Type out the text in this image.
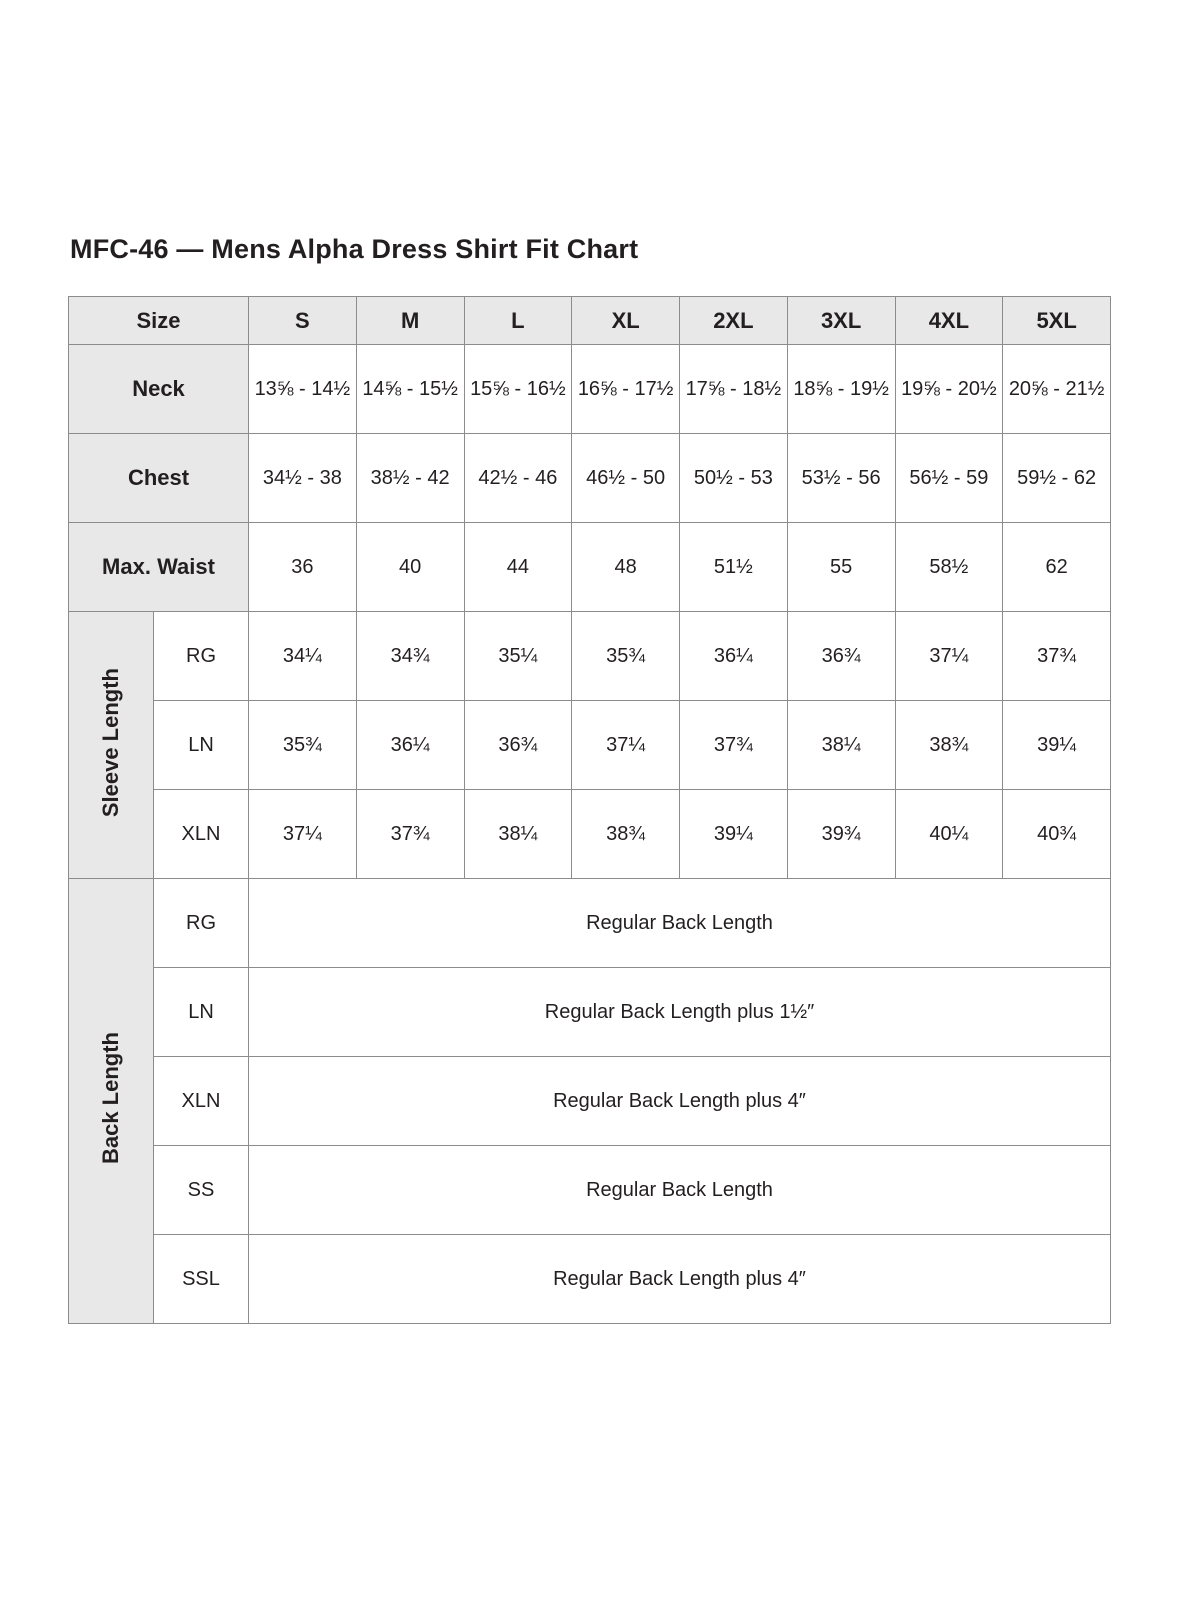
MFC-46 — Mens Alpha Dress Shirt Fit Chart
Size		S	M	L	XL	2XL	3XL	4XL	5XL
Neck		13⅝ - 14½	14⅝ - 15½	15⅝ - 16½	16⅝ - 17½	17⅝ - 18½	18⅝ - 19½	19⅝ - 20½	20⅝ - 21½
Chest		34½ - 38	38½ - 42	42½ - 46	46½ - 50	50½ - 53	53½ - 56	56½ - 59	59½ - 62
Max. Waist		36	40	44	48	51½	55	58½	62
Sleeve Length	RG	34¼	34¾	35¼	35¾	36¼	36¾	37¼	37¾
	LN	35¾	36¼	36¾	37¼	37¾	38¼	38¾	39¼
	XLN	37¼	37¾	38¼	38¾	39¼	39¾	40¼	40¾
Back Length	RG	Regular Back Length							
	LN	Regular Back Length plus 1½″							
	XLN	Regular Back Length plus 4″							
	SS	Regular Back Length							
	SSL	Regular Back Length plus 4″							
